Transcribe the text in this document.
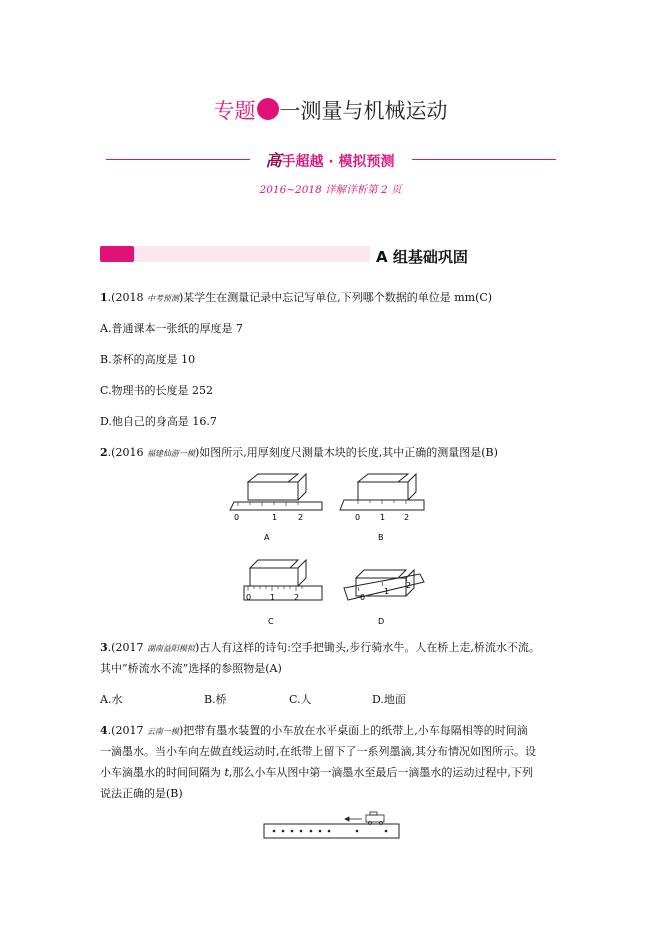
专题 一测量与机械运动
高手超越 · 模拟预测
2016~2018 详解详析第 2 页
A 组基础巩固
1.(2018 中考预测)某学生在测量记录中忘记写单位,下列哪个数据的单位是 mm(C)
A.普通课本一张纸的厚度是 7
B.茶杯的高度是 10
C.物理书的长度是 252
D.他自己的身高是 16.7
2.(2016 福建仙游一模)如图所示,用厚刻度尺测量木块的长度,其中正确的测量图是(B)
0	1	2
A
0 1 2
B
0 1 2
C
0
1
2
D
3.(2017 湖南益阳模拟)古人有这样的诗句:空手把锄头,步行骑水牛。人在桥上走,桥流水不流。
其中“桥流水不流”选择的参照物是(A)
A.水	B.桥	C.人	D.地面
4.(2017 云南一模)把带有墨水装置的小车放在水平桌面上的纸带上,小车每隔相等的时间滴
一滴墨水。当小车向左做直线运动时,在纸带上留下了一系列墨滴,其分布情况如图所示。设
小车滴墨水的时间间隔为 t,那么小车从图中第一滴墨水至最后一滴墨水的运动过程中,下列
说法正确的是(B)
